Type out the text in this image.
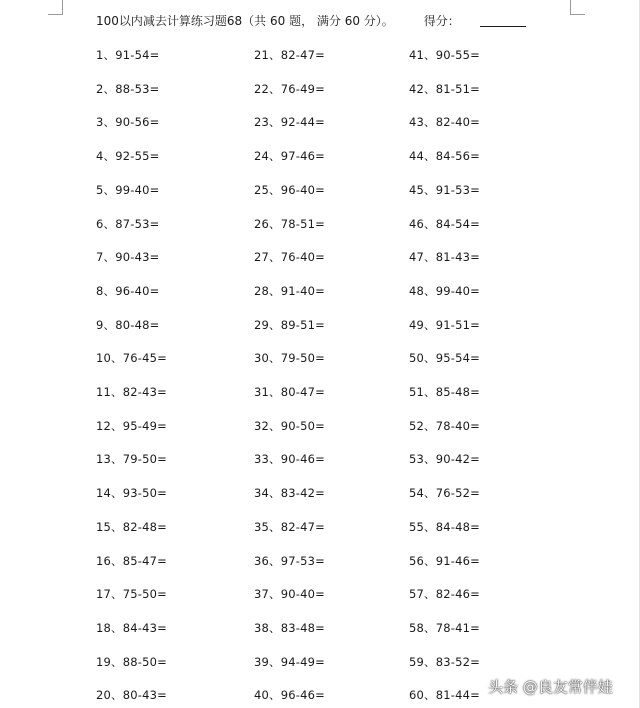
100以内减去计算练习题68（共 60 题， 满分 60 分）。	得分：
1、91-54=
2、88-53=
3、90-56=
4、92-55=
5、99-40=
6、87-53=
7、90-43=
8、96-40=
9、80-48=
10、76-45=
11、82-43=
12、95-49=
13、79-50=
14、93-50=
15、82-48=
16、85-47=
17、75-50=
18、84-43=
19、88-50=
20、80-43=
21、82-47=
22、76-49=
23、92-44=
24、97-46=
25、96-40=
26、78-51=
27、76-40=
28、91-40=
29、89-51=
30、79-50=
31、80-47=
32、90-50=
33、90-46=
34、83-42=
35、82-47=
36、97-53=
37、90-40=
38、83-48=
39、94-49=
40、96-46=
41、90-55=
42、81-51=
43、82-40=
44、84-56=
45、91-53=
46、84-54=
47、81-43=
48、99-40=
49、91-51=
50、95-54=
51、85-48=
52、78-40=
53、90-42=
54、76-52=
55、84-48=
56、91-46=
57、82-46=
58、78-41=
59、83-52=
60、81-44= 头条 @良友常伴娃
